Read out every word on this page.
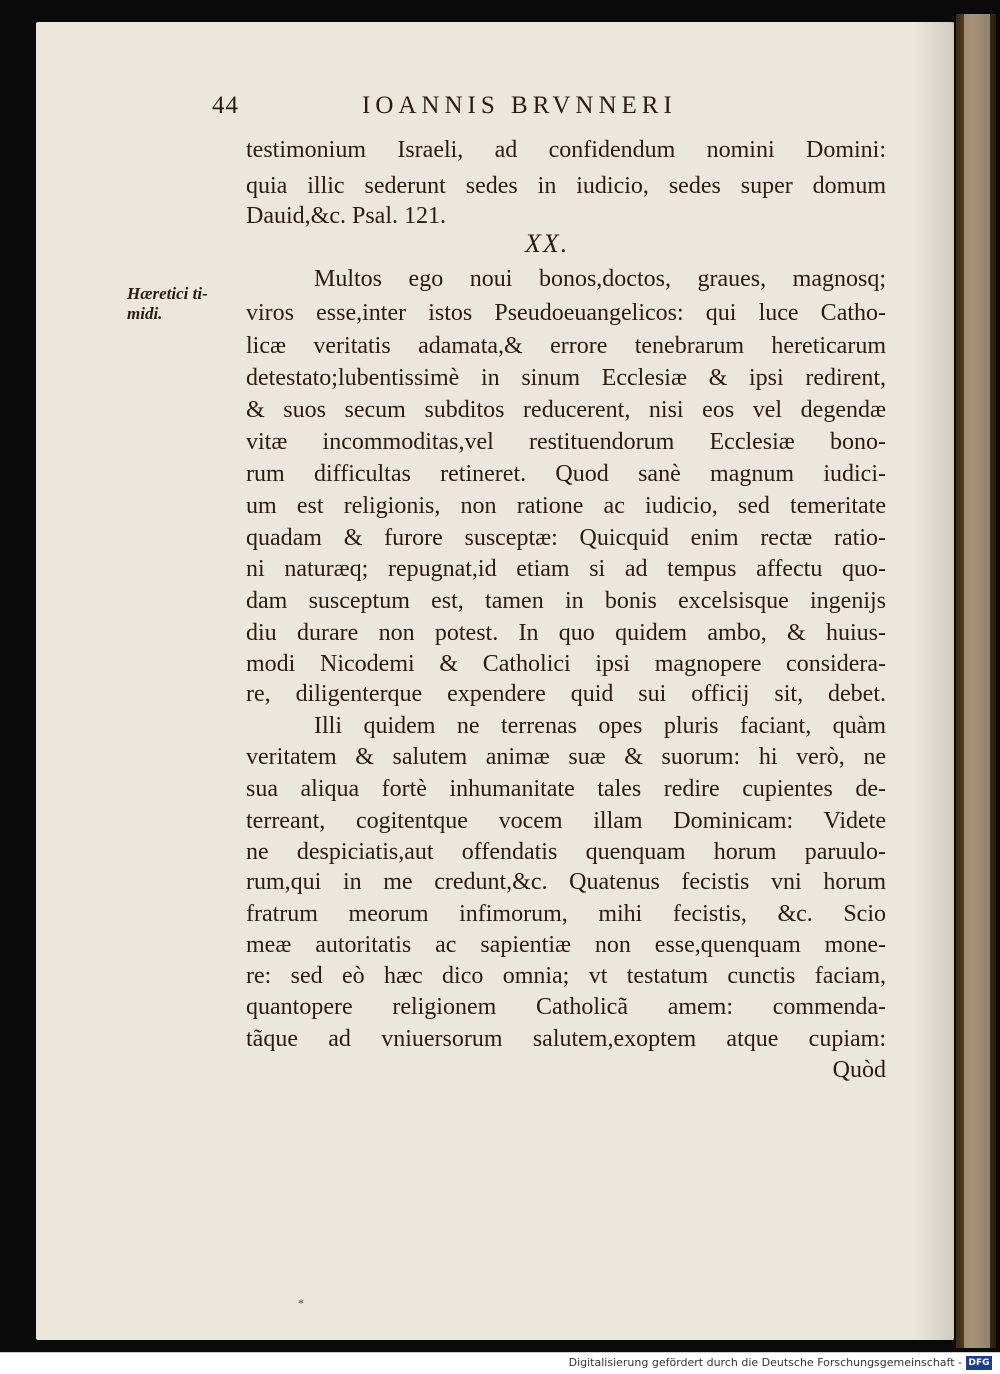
44	IOANNIS BRVNNERI
Hæretici ti-
midi.
XX.
testimonium Israeli, ad confidendum nomini Domini:
quia illic sederunt sedes in iudicio, sedes super domum
Dauid,&c. Psal. 121.
Multos ego noui bonos,doctos, graues, magnosq;
viros esse,inter istos Pseudoeuangelicos: qui luce Catho-
licæ veritatis adamata,& errore tenebrarum hereticarum
detestato;lubentissimè in sinum Ecclesiæ & ipsi redirent,
& suos secum subditos reducerent, nisi eos vel degendæ
vitæ incommoditas,vel restituendorum Ecclesiæ bono-
rum difficultas retineret. Quod sanè magnum iudici-
um est religionis, non ratione ac iudicio, sed temeritate
quadam & furore susceptæ: Quicquid enim rectæ ratio-
ni naturæq; repugnat,id etiam si ad tempus affectu quo-
dam susceptum est, tamen in bonis excelsisque ingenijs
diu durare non potest. In quo quidem ambo, & huius-
modi Nicodemi & Catholici ipsi magnopere considera-
re, diligenterque expendere quid sui officij sit, debet.
Illi quidem ne terrenas opes pluris faciant, quàm
veritatem & salutem animæ suæ & suorum: hi verò, ne
sua aliqua fortè inhumanitate tales redire cupientes de-
terreant, cogitentque vocem illam Dominicam: Videte
ne despiciatis,aut offendatis quenquam horum paruulo-
rum,qui in me credunt,&c. Quatenus fecistis vni horum
fratrum meorum infimorum, mihi fecistis, &c. Scio
meæ autoritatis ac sapientiæ non esse,quenquam mone-
re: sed eò hæc dico omnia; vt testatum cunctis faciam,
quantopere religionem Catholicã amem: commenda-
tãque ad vniuersorum salutem,exoptem atque cupiam:
Quòd
*
Digitalisierung gefördert durch die Deutsche Forschungsgemeinschaft - DFG
